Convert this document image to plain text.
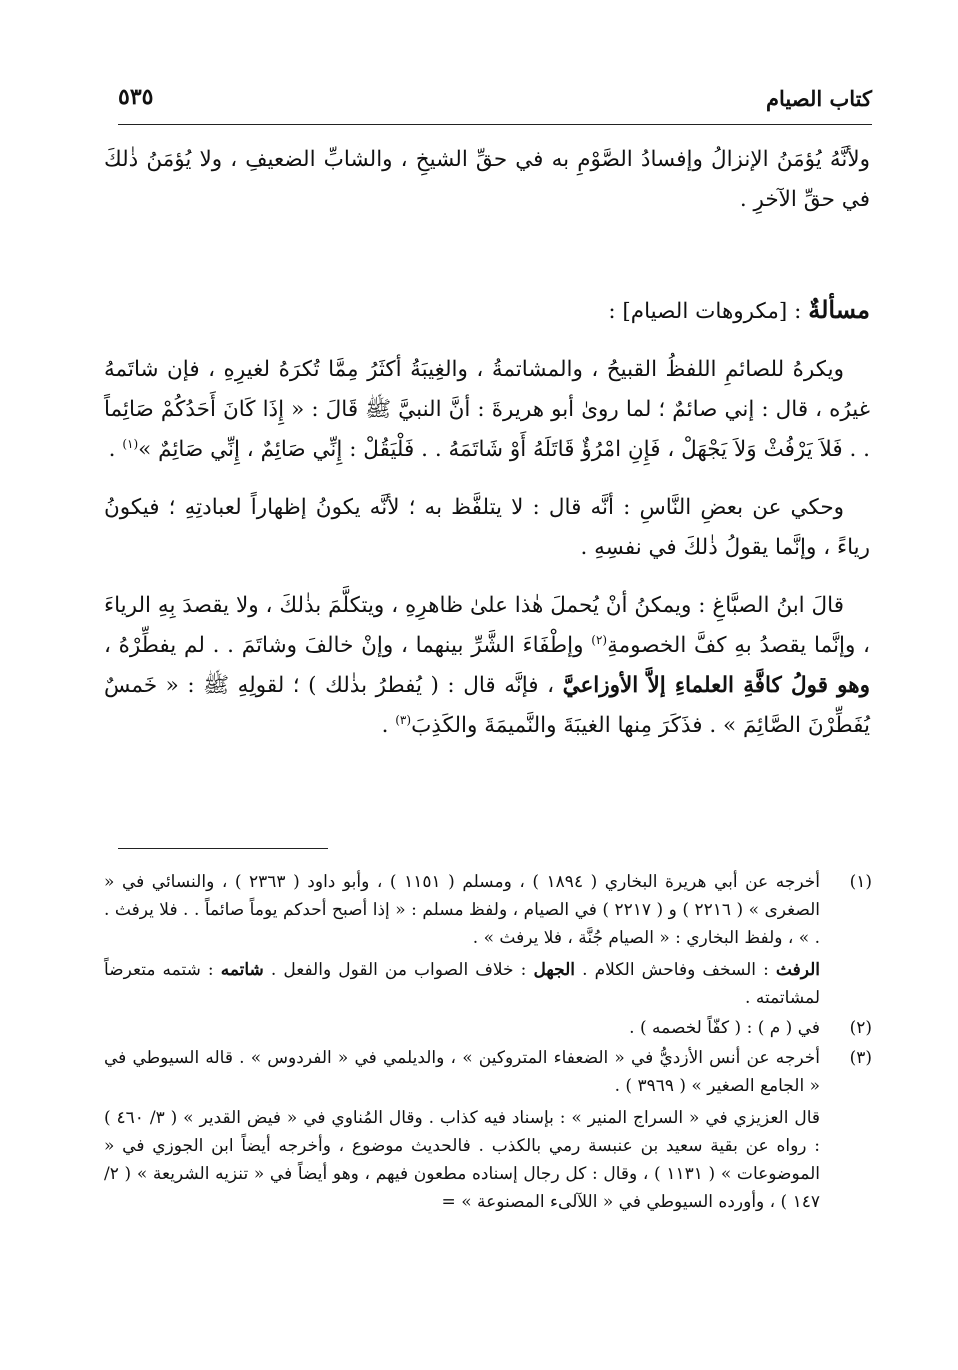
كتاب الصيام
٥٣٥

ولأنَّهُ يُؤمَنُ الإنزالُ وإفسادُ الصَّوْمِ به في حقِّ الشيخِ ، والشابِّ الضعيفِ ، ولا يُؤمَنُ ذٰلكَ في حقِّ الآخرِ .

مسألةٌ : [مكروهات الصيام] :

ويكرهُ للصائمِ اللفظُ القبيحُ ، والمشاتمةُ ، والغِيبَةُ أكثَرُ مِمَّا تُكرَهُ لغيرِهِ ، فإن شاتَمهُ غيرُه ، قال : إني صائمٌ ؛ لما روىٰ أبو هريرةَ : أنَّ النبيَّ ﷺ قَالَ : « إِذَا كَانَ أَحَدُكُمْ صَائِماً . . فَلاَ يَرْفُثْ وَلاَ يَجْهَلْ ، فَإِنِ امْرُؤٌ قَاتَلَهُ أَوْ شَاتَمَهُ . . فَلْيَقُلْ : إِنِّي صَائِمٌ ، إِنِّي صَائِمٌ »$^{(١)}$ .

وحكي عن بعضِ النَّاسِ : أنَّه قال : لا يتلفَّظ به ؛ لأنَّه يكونُ إظهاراً لعبادتِهِ ؛ فيكونُ رياءً ، وإنَّما يقولُ ذٰلكَ في نفسِهِ .

قالَ ابنُ الصبَّاغِ : ويمكنُ أنْ يُحملَ هٰذا علىٰ ظاهرِهِ ، ويتكلَّمَ بذٰلكَ ، ولا يقصدَ بِهِ الرياءَ ، وإنَّما يقصدُ بهِ كفَّ الخصومةِ$^{(٢)}$ وإطْفَاءَ الشَّرِّ بينهما ، وإنْ خالفَ وشاتَمَ . . لم يفطِّرْهُ ، وهو قولُ كافَّةِ العلماءِ إلاَّ الأوزاعيَّ ، فإنَّه قال : ( يُفطرُ بذٰلك ) ؛ لقولِهِ ﷺ : « خَمسٌ يُفَطِّرْنَ الصَّائِمَ » . فذَكَرَ مِنها الغيبَةَ والنَّميمَةَ والكَذِبَ$^{(٣)}$ .

(١)
أخرجه عن أبي هريرة البخاري ( ١٨٩٤ ) ، ومسلم ( ١١٥١ ) ، وأبو داود ( ٢٣٦٣ ) ، والنسائي في « الصغرى » ( ٢٢١٦ ) و ( ٢٢١٧ ) في الصيام ، ولفظ مسلم : « إذا أصبح أحدكم يوماً صائماً . . فلا يرفث . . » ، ولفظ البخاري : « الصيام جُنَّة ، فلا يرفث » .
الرفث : السخف وفاحش الكلام . الجهل : خلاف الصواب من القول والفعل . شاتمه : شتمه متعرضاً لمشاتمته .
(٢)
في ( م ) : ( كفّاً لخصمه ) .
(٣)
أخرجه عن أنس الأزديُّ في « الضعفاء المتروكين » ، والديلمي في « الفردوس » . قاله السيوطي في « الجامع الصغير » ( ٣٩٦٩ ) .
قال العزيزي في « السراج المنير » : بإسناد فيه كذاب . وقال المُناوي في « فيض القدير » ( ٣/ ٤٦٠ ) : رواه عن بقية سعيد بن عنبسة رمي بالكذب . فالحديث موضوع ، وأخرجه أيضاً ابن الجوزي في « الموضوعات » ( ١١٣١ ) ، وقال : كل رجال إسناده مطعون فيهم ، وهو أيضاً في « تنزيه الشريعة » ( ٢/ ١٤٧ ) ، وأورده السيوطي في « اللآلىء المصنوعة » =
